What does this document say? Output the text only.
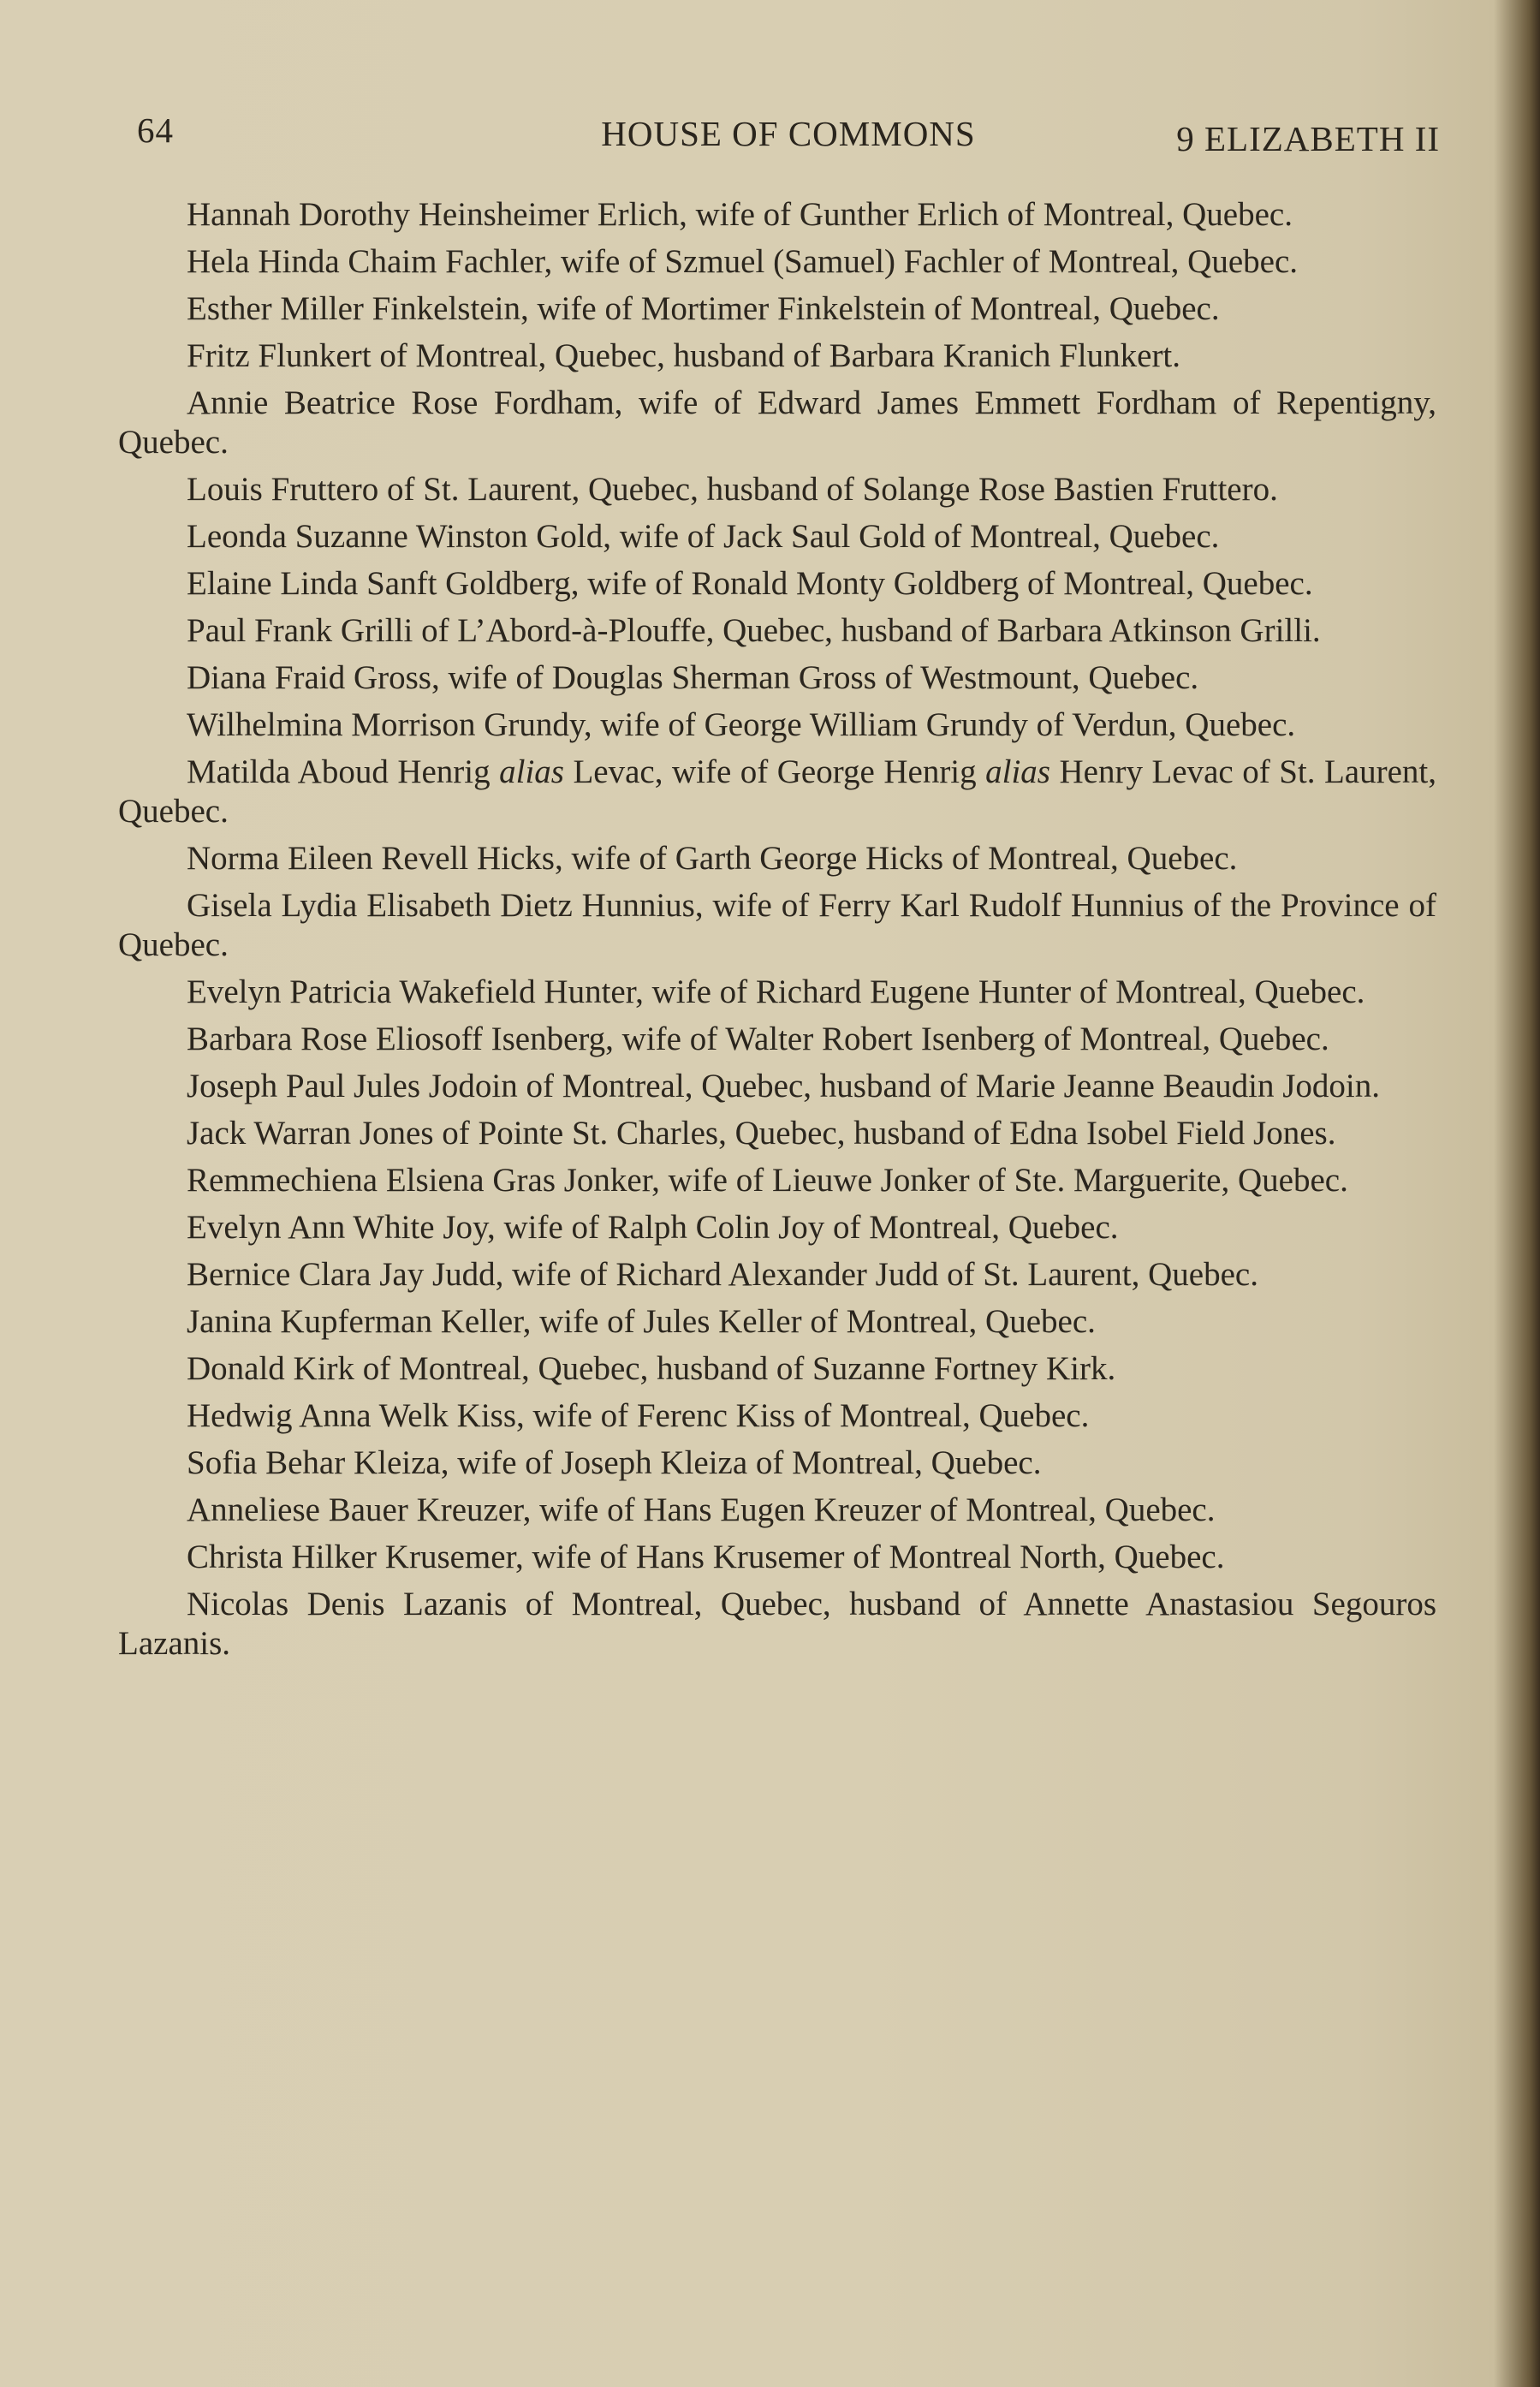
64	HOUSE OF COMMONS	9 ELIZABETH II

Hannah Dorothy Heinsheimer Erlich, wife of Gunther Erlich of Montreal, Quebec.

Hela Hinda Chaim Fachler, wife of Szmuel (Samuel) Fachler of Montreal, Quebec.

Esther Miller Finkelstein, wife of Mortimer Finkelstein of Montreal, Quebec.

Fritz Flunkert of Montreal, Quebec, husband of Barbara Kranich Flunkert.

Annie Beatrice Rose Fordham, wife of Edward James Emmett Fordham of Repentigny, Quebec.

Louis Fruttero of St. Laurent, Quebec, husband of Solange Rose Bastien Fruttero.

Leonda Suzanne Winston Gold, wife of Jack Saul Gold of Montreal, Quebec.

Elaine Linda Sanft Goldberg, wife of Ronald Monty Goldberg of Montreal, Quebec.

Paul Frank Grilli of L’Abord-à-Plouffe, Quebec, husband of Barbara Atkinson Grilli.

Diana Fraid Gross, wife of Douglas Sherman Gross of Westmount, Quebec.

Wilhelmina Morrison Grundy, wife of George William Grundy of Verdun, Quebec.

Matilda Aboud Henrig alias Levac, wife of George Henrig alias Henry Levac of St. Laurent, Quebec.

Norma Eileen Revell Hicks, wife of Garth George Hicks of Montreal, Quebec.

Gisela Lydia Elisabeth Dietz Hunnius, wife of Ferry Karl Rudolf Hunnius of the Province of Quebec.

Evelyn Patricia Wakefield Hunter, wife of Richard Eugene Hunter of Montreal, Quebec.

Barbara Rose Eliosoff Isenberg, wife of Walter Robert Isenberg of Montreal, Quebec.

Joseph Paul Jules Jodoin of Montreal, Quebec, husband of Marie Jeanne Beaudin Jodoin.

Jack Warran Jones of Pointe St. Charles, Quebec, husband of Edna Isobel Field Jones.

Remmechiena Elsiena Gras Jonker, wife of Lieuwe Jonker of Ste. Marguerite, Quebec.

Evelyn Ann White Joy, wife of Ralph Colin Joy of Montreal, Quebec.

Bernice Clara Jay Judd, wife of Richard Alexander Judd of St. Laurent, Quebec.

Janina Kupferman Keller, wife of Jules Keller of Montreal, Quebec.

Donald Kirk of Montreal, Quebec, husband of Suzanne Fortney Kirk.

Hedwig Anna Welk Kiss, wife of Ferenc Kiss of Montreal, Quebec.

Sofia Behar Kleiza, wife of Joseph Kleiza of Montreal, Quebec.

Anneliese Bauer Kreuzer, wife of Hans Eugen Kreuzer of Montreal, Quebec.

Christa Hilker Krusemer, wife of Hans Krusemer of Montreal North, Quebec.

Nicolas Denis Lazanis of Montreal, Quebec, husband of Annette Anastasiou Segouros Lazanis.
